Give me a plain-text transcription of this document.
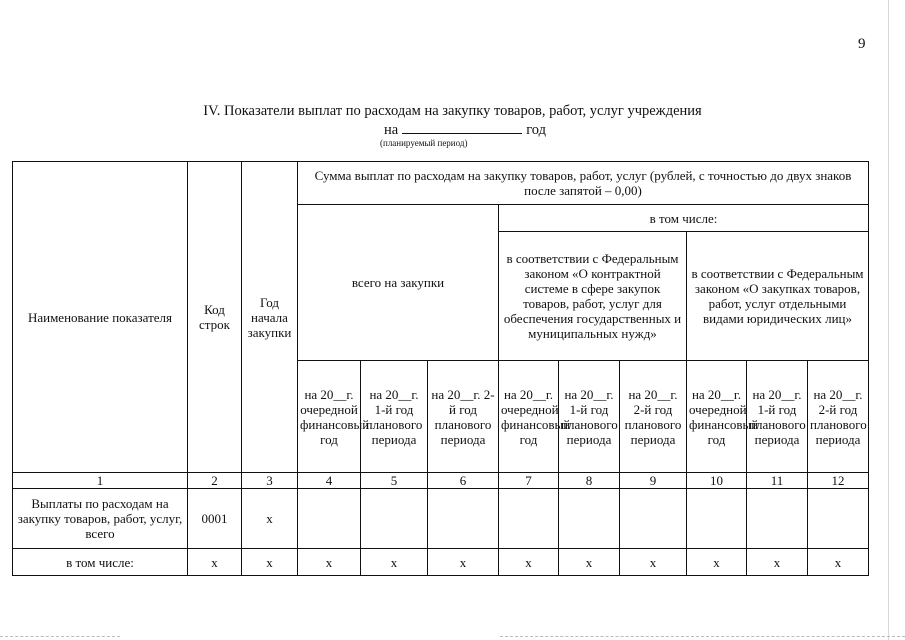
9
IV. Показатели выплат по расходам на закупку товаров, работ, услуг учреждения
на	год
(планируемый период)
Наименование показателя	Код строк	Год начала закупки	Сумма выплат по расходам на закупку товаров, работ, услуг (рублей, с точностью до двух знаков после запятой – 0,00)								
			всего на закупки			в том числе:					
						в соответствии с Федеральным законом «О контрактной системе в сфере закупок товаров, работ, услуг для обеспечения государственных и муниципальных нужд»			в соответствии с Федеральным законом «О закупках товаров, работ, услуг отдельными видами юридических лиц»		
			на 20__г. очередной финансовый год	на 20__г. 1-й год планового периода	на 20__г. 2-й год планового периода	на 20__г. очередной финансовый год	на 20__г. 1-й год планового периода	на 20__г. 2-й год планового периода	на 20__г. очередной финансовый год	на 20__г. 1-й год планового периода	на 20__г. 2-й год планового периода
1	2	3	4	5	6	7	8	9	10	11	12
Выплаты по расходам на закупку товаров, работ, услуг, всего	0001	х									
в том числе:	х	х	х	х	х	х	х	х	х	х	х
